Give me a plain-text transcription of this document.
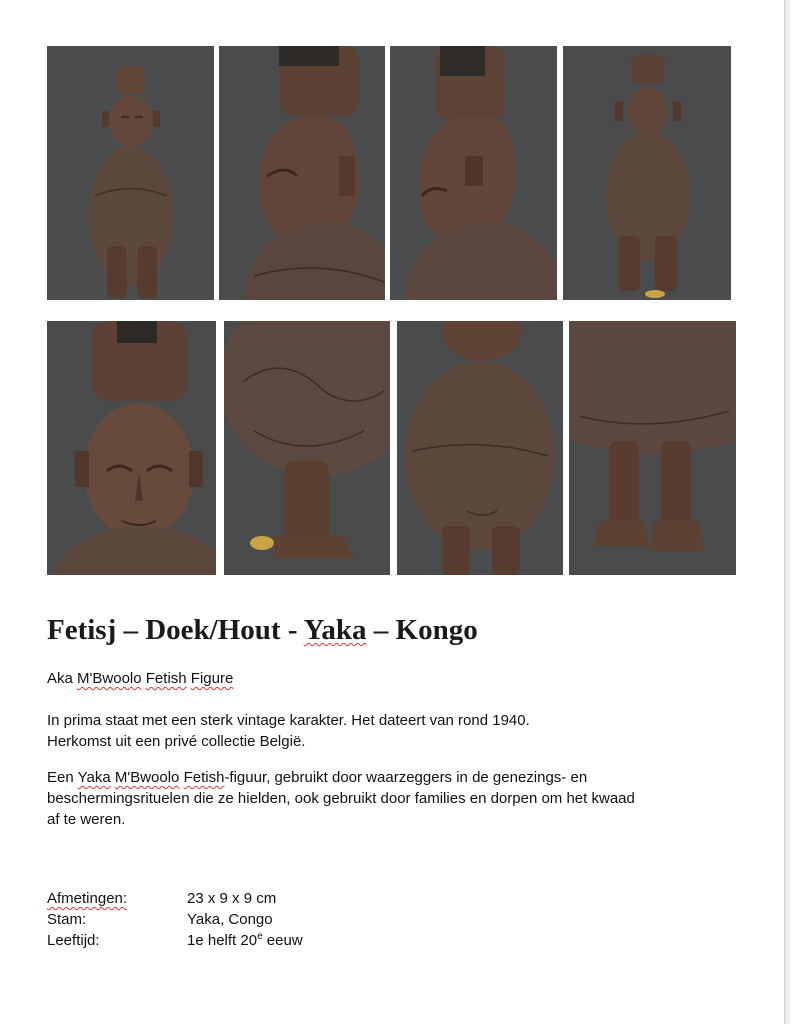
Fetisj – Doek/Hout - Yaka – Kongo
Aka M'Bwoolo Fetish Figure
In prima staat met een sterk vintage karakter. Het dateert van rond 1940.
Herkomst uit een privé collectie België.
Een Yaka M'Bwoolo Fetish-figuur, gebruikt door waarzeggers in de genezings- en
beschermingsrituelen die ze hielden, ook gebruikt door families en dorpen om het kwaad
af te weren.
Afmetingen:	23 x 9 x 9 cm
Stam:	Yaka, Congo
Leeftijd:	1e helft 20e eeuw
